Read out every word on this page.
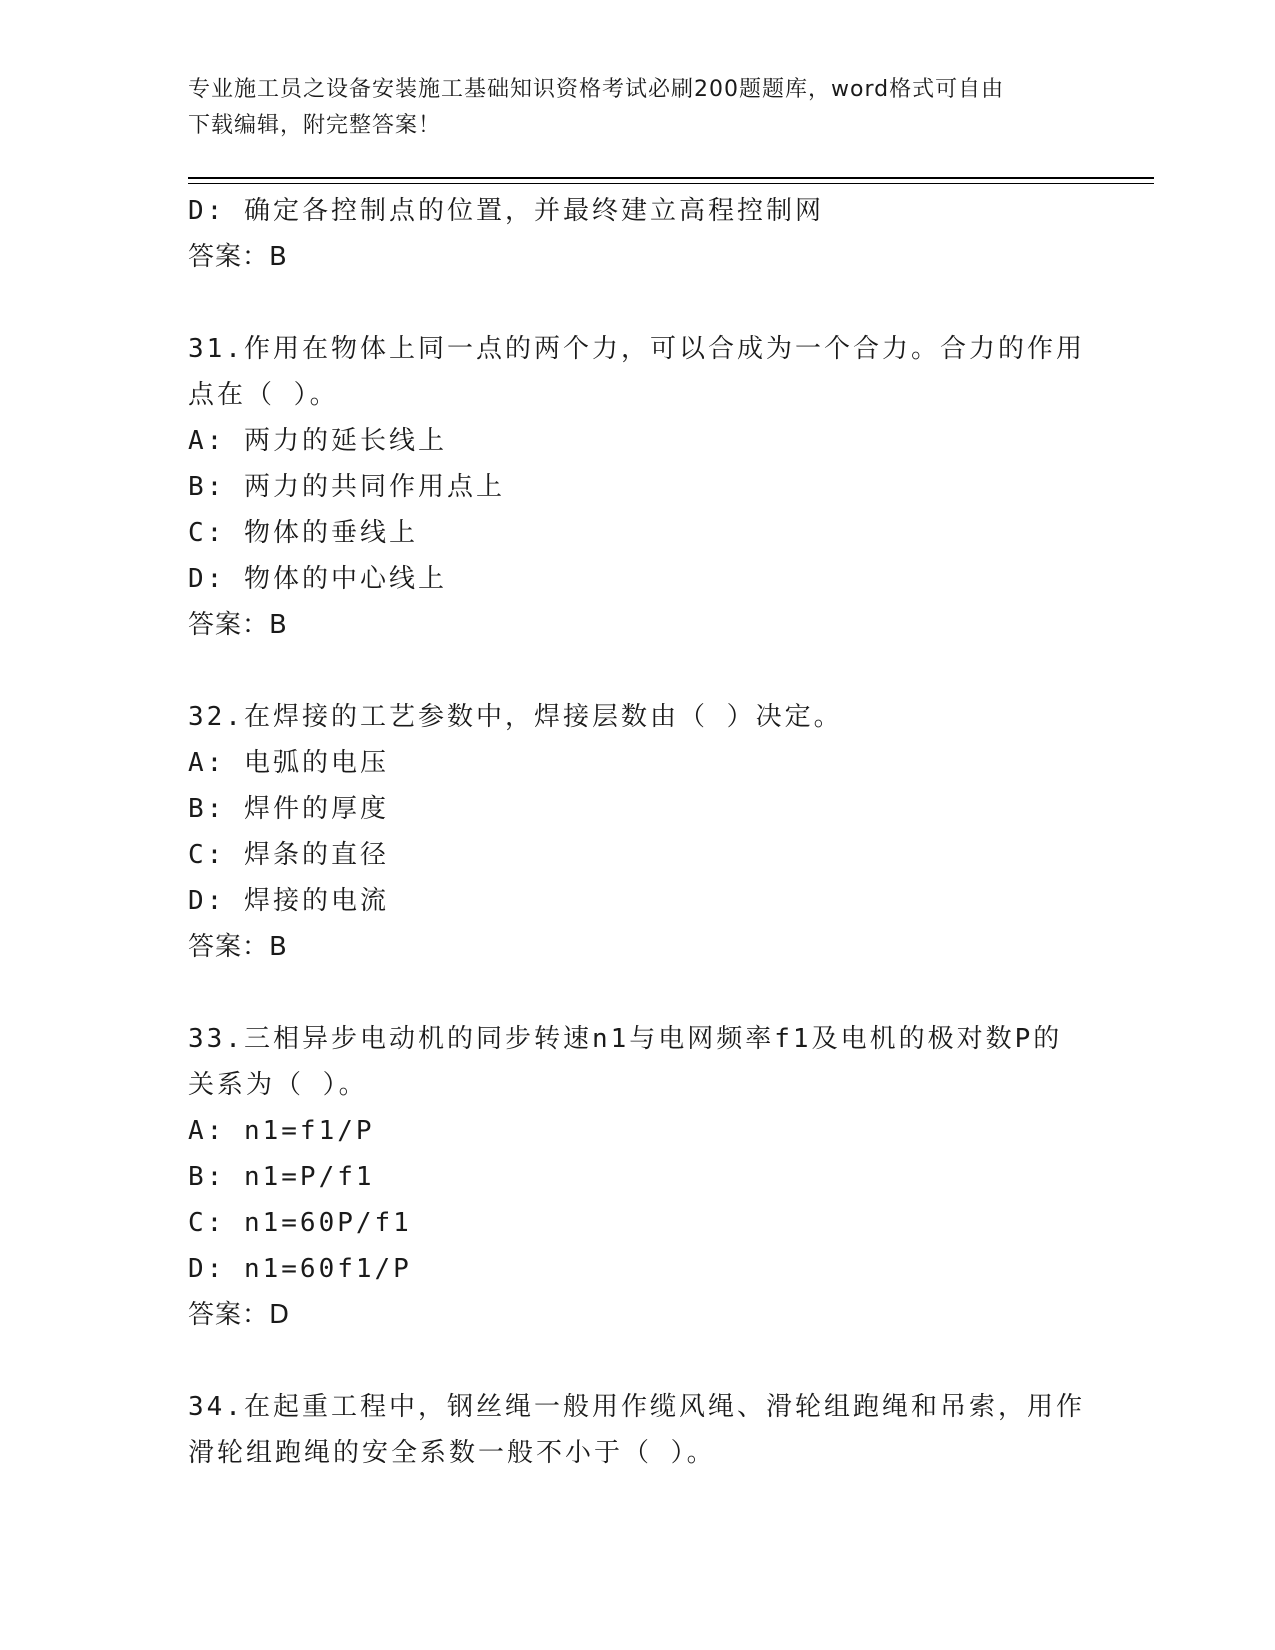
专业施工员之设备安装施工基础知识资格考试必刷200题题库，word格式可自由
下载编辑，附完整答案！
D: 确定各控制点的位置，并最终建立高程控制网
答案：B
31.作用在物体上同一点的两个力，可以合成为一个合力。合力的作用
点在（ ）。
A: 两力的延长线上
B: 两力的共同作用点上
C: 物体的垂线上
D: 物体的中心线上
答案：B
32.在焊接的工艺参数中，焊接层数由（ ）决定。
A: 电弧的电压
B: 焊件的厚度
C: 焊条的直径
D: 焊接的电流
答案：B
33.三相异步电动机的同步转速n1与电网频率f1及电机的极对数P的
关系为（ ）。
A: n1=f1/P
B: n1=P/f1
C: n1=60P/f1
D: n1=60f1/P
答案：D
34.在起重工程中，钢丝绳一般用作缆风绳、滑轮组跑绳和吊索，用作
滑轮组跑绳的安全系数一般不小于（ ）。
